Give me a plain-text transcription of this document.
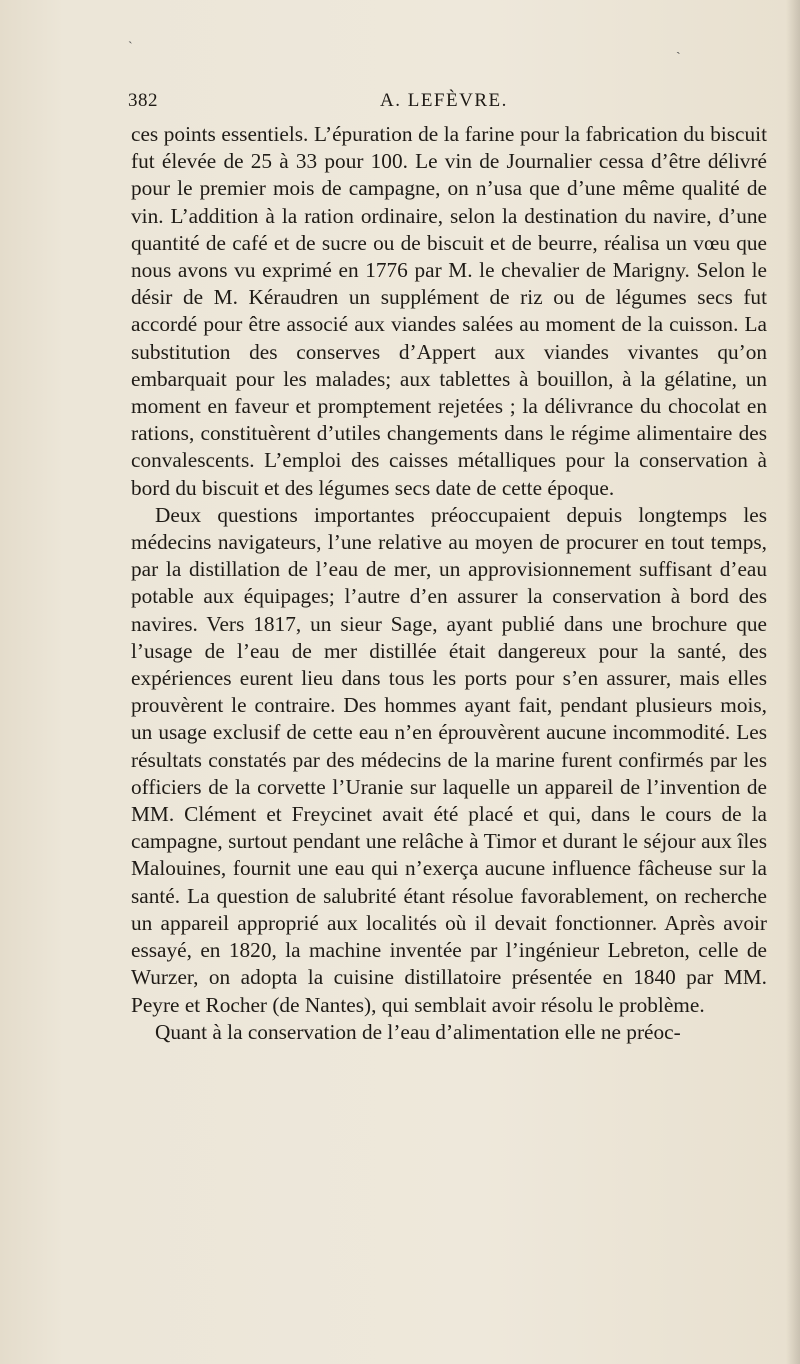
ˋ	ˏ
382	A. LEFÈVRE.

ces points essentiels. L’épuration de la farine pour la fabrication du biscuit fut élevée de 25 à 33 pour 100. Le vin de Journalier cessa d’être délivré pour le premier mois de campagne, on n’usa que d’une même qualité de vin. L’addition à la ration ordinaire, selon la destination du navire, d’une quantité de café et de sucre ou de biscuit et de beurre, réalisa un vœu que nous avons vu exprimé en 1776 par M. le chevalier de Marigny. Selon le désir de M. Kéraudren un supplément de riz ou de légumes secs fut accordé pour être associé aux viandes salées au moment de la cuisson. La substitution des conserves d’Appert aux viandes vivantes qu’on embarquait pour les malades; aux tablettes à bouillon, à la gélatine, un moment en faveur et promptement rejetées ; la délivrance du chocolat en rations, constituèrent d’utiles changements dans le régime alimentaire des convalescents. L’emploi des caisses métalliques pour la conservation à bord du biscuit et des légumes secs date de cette époque.

Deux questions importantes préoccupaient depuis longtemps les médecins navigateurs, l’une relative au moyen de procurer en tout temps, par la distillation de l’eau de mer, un approvisionnement suffisant d’eau potable aux équipages; l’autre d’en assurer la conservation à bord des navires. Vers 1817, un sieur Sage, ayant publié dans une brochure que l’usage de l’eau de mer distillée était dangereux pour la santé, des expériences eurent lieu dans tous les ports pour s’en assurer, mais elles prouvèrent le contraire. Des hommes ayant fait, pendant plusieurs mois, un usage exclusif de cette eau n’en éprouvèrent aucune incommodité. Les résultats constatés par des médecins de la marine furent confirmés par les officiers de la corvette l’Uranie sur laquelle un appareil de l’invention de MM. Clément et Freycinet avait été placé et qui, dans le cours de la campagne, surtout pendant une relâche à Timor et durant le séjour aux îles Malouines, fournit une eau qui n’exerça aucune influence fâcheuse sur la santé. La question de salubrité étant résolue favorablement, on recherche un appareil approprié aux localités où il devait fonctionner. Après avoir essayé, en 1820, la machine inventée par l’ingénieur Lebreton, celle de Wurzer, on adopta la cuisine distillatoire présentée en 1840 par MM. Peyre et Rocher (de Nantes), qui semblait avoir résolu le problème.

Quant à la conservation de l’eau d’alimentation elle ne préoc-
